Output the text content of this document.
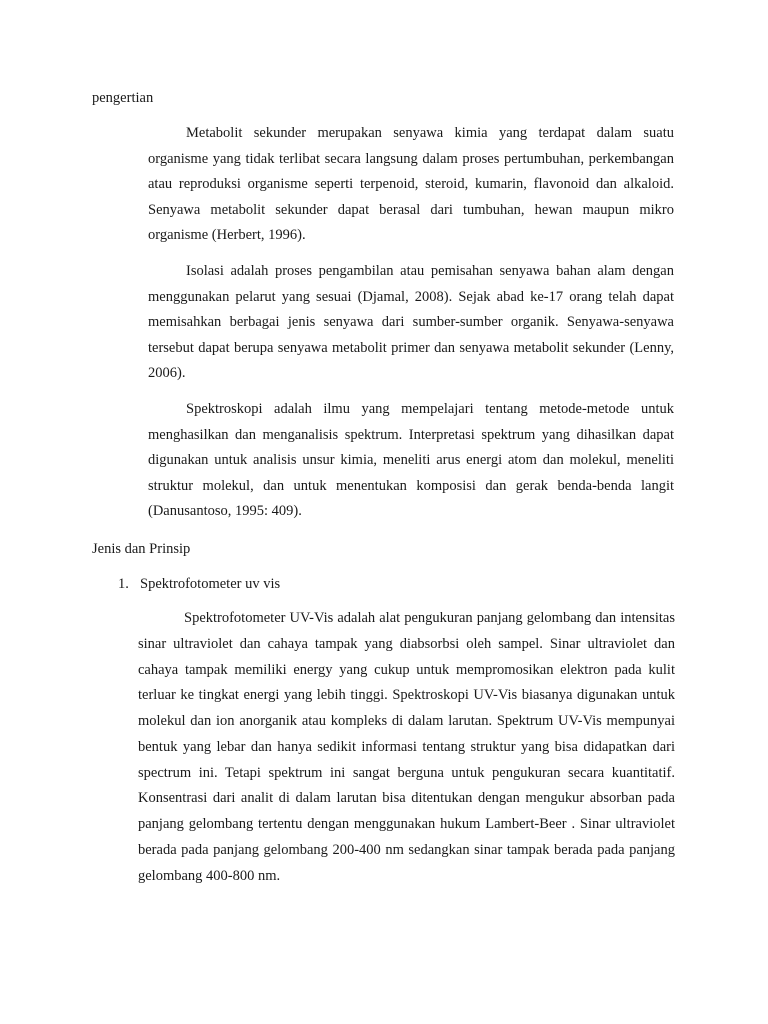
pengertian

Metabolit sekunder merupakan senyawa kimia yang terdapat dalam suatu organisme yang tidak terlibat secara langsung dalam proses pertumbuhan, perkembangan atau reproduksi organisme seperti terpenoid, steroid, kumarin, flavonoid dan alkaloid. Senyawa metabolit sekunder dapat berasal dari tumbuhan, hewan maupun mikro organisme (Herbert, 1996).

Isolasi adalah proses pengambilan atau pemisahan senyawa bahan alam dengan menggunakan pelarut yang sesuai (Djamal, 2008). Sejak abad ke-17 orang telah dapat memisahkan berbagai jenis senyawa dari sumber-sumber organik. Senyawa-senyawa tersebut dapat berupa senyawa metabolit primer dan senyawa metabolit sekunder (Lenny, 2006).

Spektroskopi adalah ilmu yang mempelajari tentang metode-metode untuk menghasilkan dan menganalisis spektrum. Interpretasi spektrum yang dihasilkan dapat digunakan untuk analisis unsur kimia, meneliti arus energi atom dan molekul, meneliti struktur molekul, dan untuk menentukan komposisi dan gerak benda-benda langit (Danusantoso, 1995: 409).

Jenis dan Prinsip

1. Spektrofotometer uv vis

Spektrofotometer UV-Vis adalah alat pengukuran panjang gelombang dan intensitas sinar ultraviolet dan cahaya tampak yang diabsorbsi oleh sampel. Sinar ultraviolet dan cahaya tampak memiliki energy yang cukup untuk mempromosikan elektron pada kulit terluar ke tingkat energi yang lebih tinggi. Spektroskopi UV-Vis biasanya digunakan untuk molekul dan ion anorganik atau kompleks di dalam larutan. Spektrum UV-Vis mempunyai bentuk yang lebar dan hanya sedikit informasi tentang struktur yang bisa didapatkan dari spectrum ini. Tetapi spektrum ini sangat berguna untuk pengukuran secara kuantitatif. Konsentrasi dari analit di dalam larutan bisa ditentukan dengan mengukur absorban pada panjang gelombang tertentu dengan menggunakan hukum Lambert-Beer . Sinar ultraviolet berada pada panjang gelombang 200-400 nm sedangkan sinar tampak berada pada panjang gelombang 400-800 nm.
